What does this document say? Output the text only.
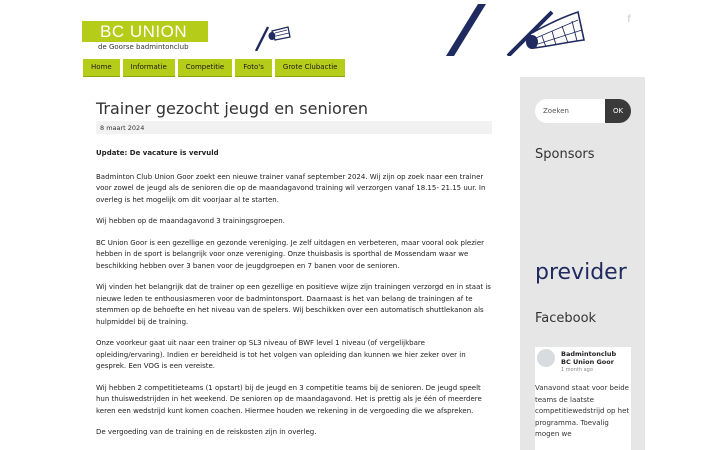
BC UNION
de Goorse badmintonclub
f
Home	Informatie	Competitie	Foto's	Grote Clubactie
Trainer gezocht jeugd en senioren
8 maart 2024

Update: De vacature is vervuld

Badminton Club Union Goor zoekt een nieuwe trainer vanaf september 2024. Wij zijn op zoek naar een trainer voor zowel de jeugd als de senioren die op de maandagavond training wil verzorgen vanaf 18.15- 21.15 uur. In overleg is het mogelijk om dit voorjaar al te starten.

Wij hebben op de maandagavond 3 trainingsgroepen.

BC Union Goor is een gezellige en gezonde vereniging. Je zelf uitdagen en verbeteren, maar vooral ook plezier hebben in de sport is belangrijk voor onze vereniging. Onze thuisbasis is sporthal de Mossendam waar we beschikking hebben over 3 banen voor de jeugdgroepen en 7 banen voor de senioren.

Wij vinden het belangrijk dat de trainer op een gezellige en positieve wijze zijn trainingen verzorgd en in staat is nieuwe leden te enthousiasmeren voor de badmintonsport. Daarnaast is het van belang de trainingen af te stemmen op de behoefte en het niveau van de spelers. Wij beschikken over een automatisch shuttlekanon als hulpmiddel bij de training.

Onze voorkeur gaat uit naar een trainer op SL3 niveau of BWF level 1 niveau (of vergelijkbare opleiding/ervaring). Indien er bereidheid is tot het volgen van opleiding dan kunnen we hier zeker over in gesprek. Een VOG is een vereiste.

Wij hebben 2 competitieteams (1 opstart) bij de jeugd en 3 competitie teams bij de senioren. De jeugd speelt hun thuiswedstrijden in het weekend. De senioren op de maandagavond. Het is prettig als je één of meerdere keren een wedstrijd kunt komen coachen. Hiermee houden we rekening in de vergoeding die we afspreken.

De vergoeding van de training en de reiskosten zijn in overleg.

Zoeken
OK
Sponsors
previder
Facebook
Badmintonclub
BC Union Goor
1 month ago
Vanavond staat voor beide teams de laatste competitiewedstrijd op het programma. Toevalig mogen we
